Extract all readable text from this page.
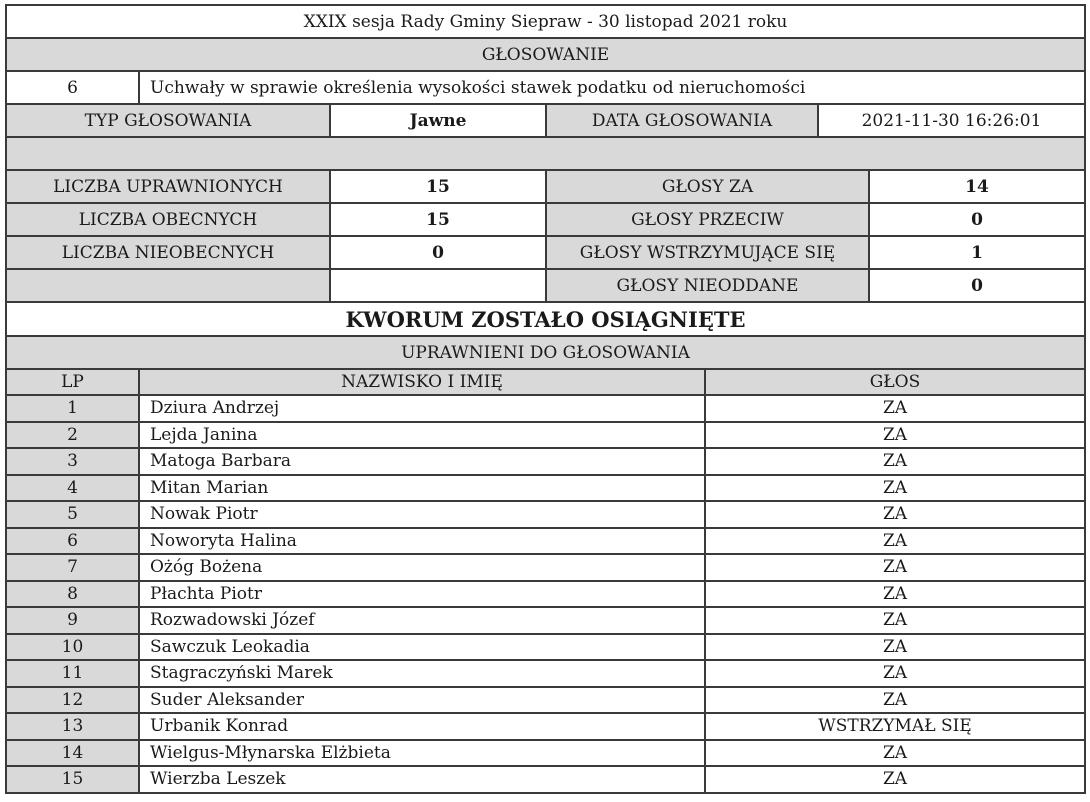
XXIX sesja Rady Gminy Siepraw - 30 listopad 2021 roku
GŁOSOWANIE
6	Uchwały w sprawie określenia wysokości stawek podatku od nieruchomości
TYP GŁOSOWANIA	Jawne	DATA GŁOSOWANIA	2021-11-30 16:26:01

LICZBA UPRAWNIONYCH	15	GŁOSY ZA	14
LICZBA OBECNYCH	15	GŁOSY PRZECIW	0
LICZBA NIEOBECNYCH	0	GŁOSY WSTRZYMUJĄCE SIĘ	1
		GŁOSY NIEODDANE	0
KWORUM ZOSTAŁO OSIĄGNIĘTE			
UPRAWNIENI DO GŁOSOWANIA			
LP	NAZWISKO I IMIĘ	GŁOS
1	Dziura Andrzej	ZA
2	Lejda Janina	ZA
3	Matoga Barbara	ZA
4	Mitan Marian	ZA
5	Nowak Piotr	ZA
6	Noworyta Halina	ZA
7	Ożóg Bożena	ZA
8	Płachta Piotr	ZA
9	Rozwadowski Józef	ZA
10	Sawczuk Leokadia	ZA
11	Stagraczyński Marek	ZA
12	Suder Aleksander	ZA
13	Urbanik Konrad	WSTRZYMAŁ SIĘ
14	Wielgus-Młynarska Elżbieta	ZA
15	Wierzba Leszek	ZA
